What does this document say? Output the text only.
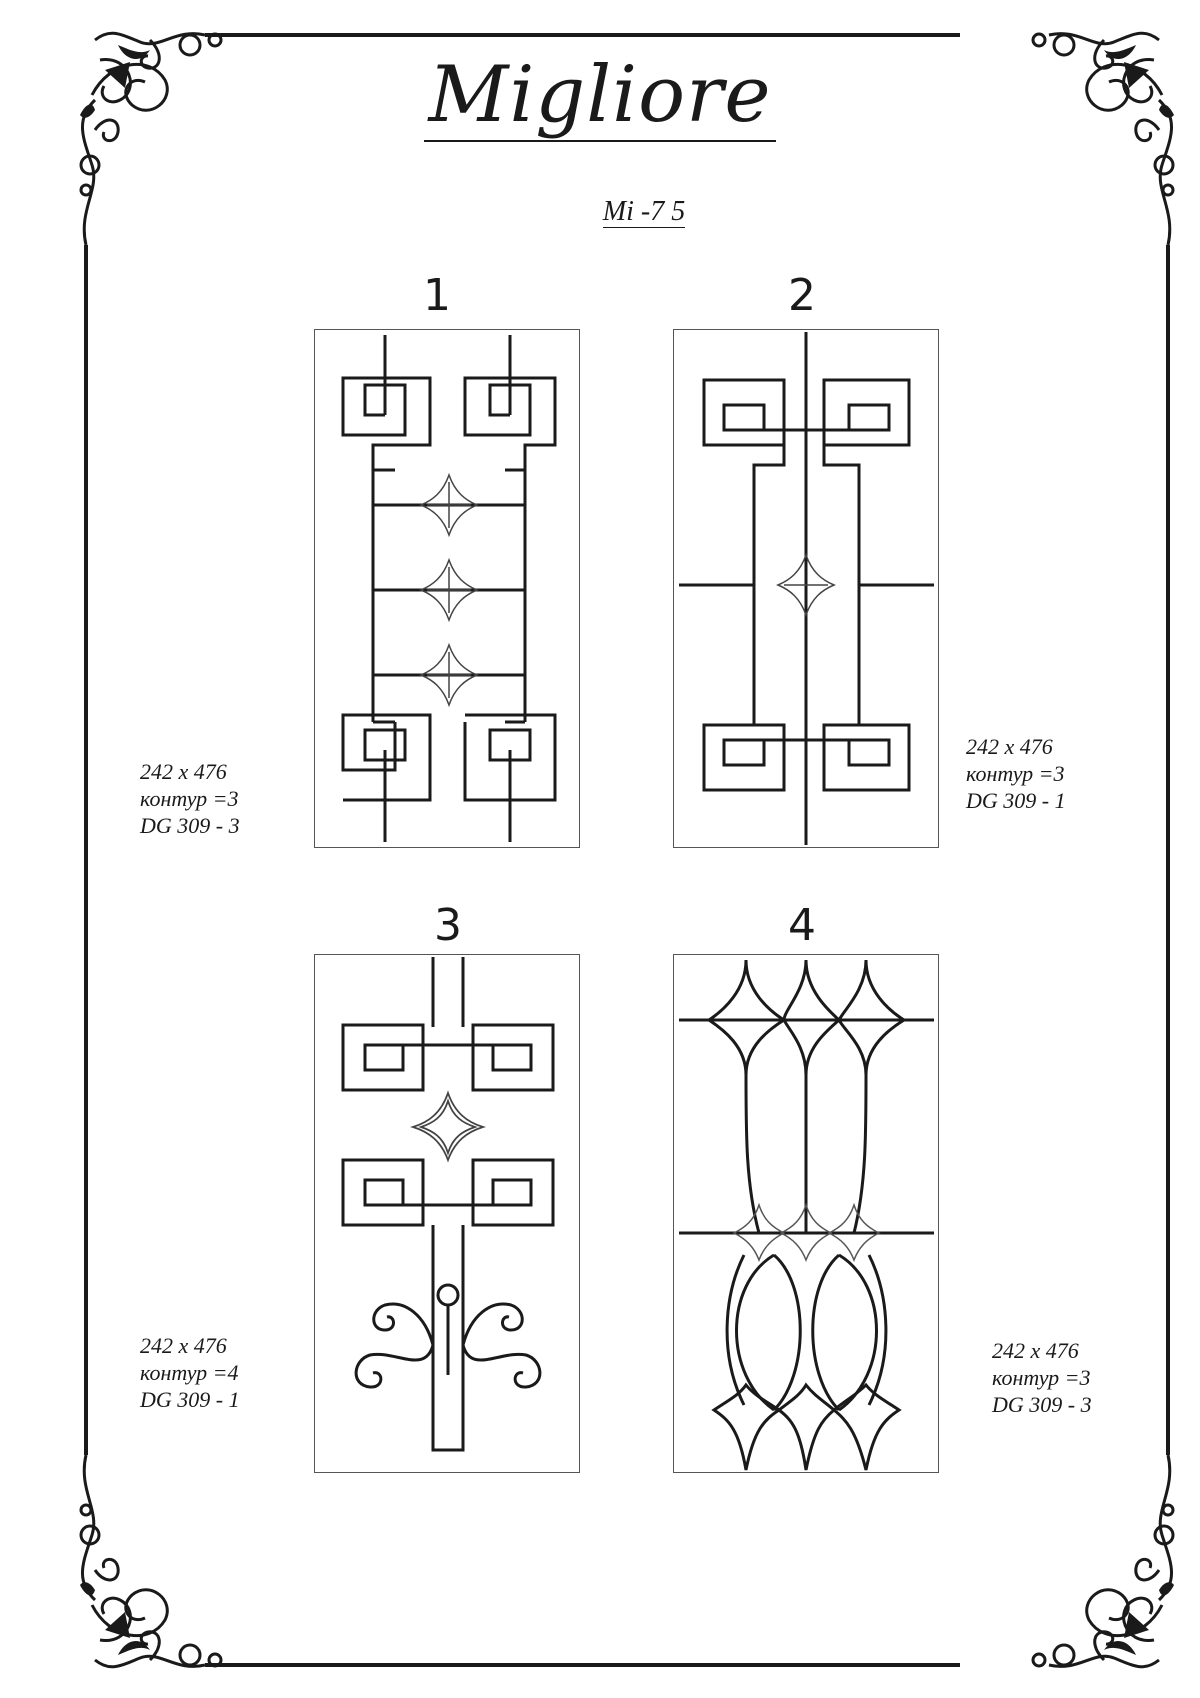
Migliore
Mi -7 5
1
242 x 476
контур =3
DG 309 - 3
2
242 x 476
контур =3
DG 309 - 1
3
242 x 476
контур =4
DG 309 - 1
4
242 x 476
контур =3
DG 309 - 3
